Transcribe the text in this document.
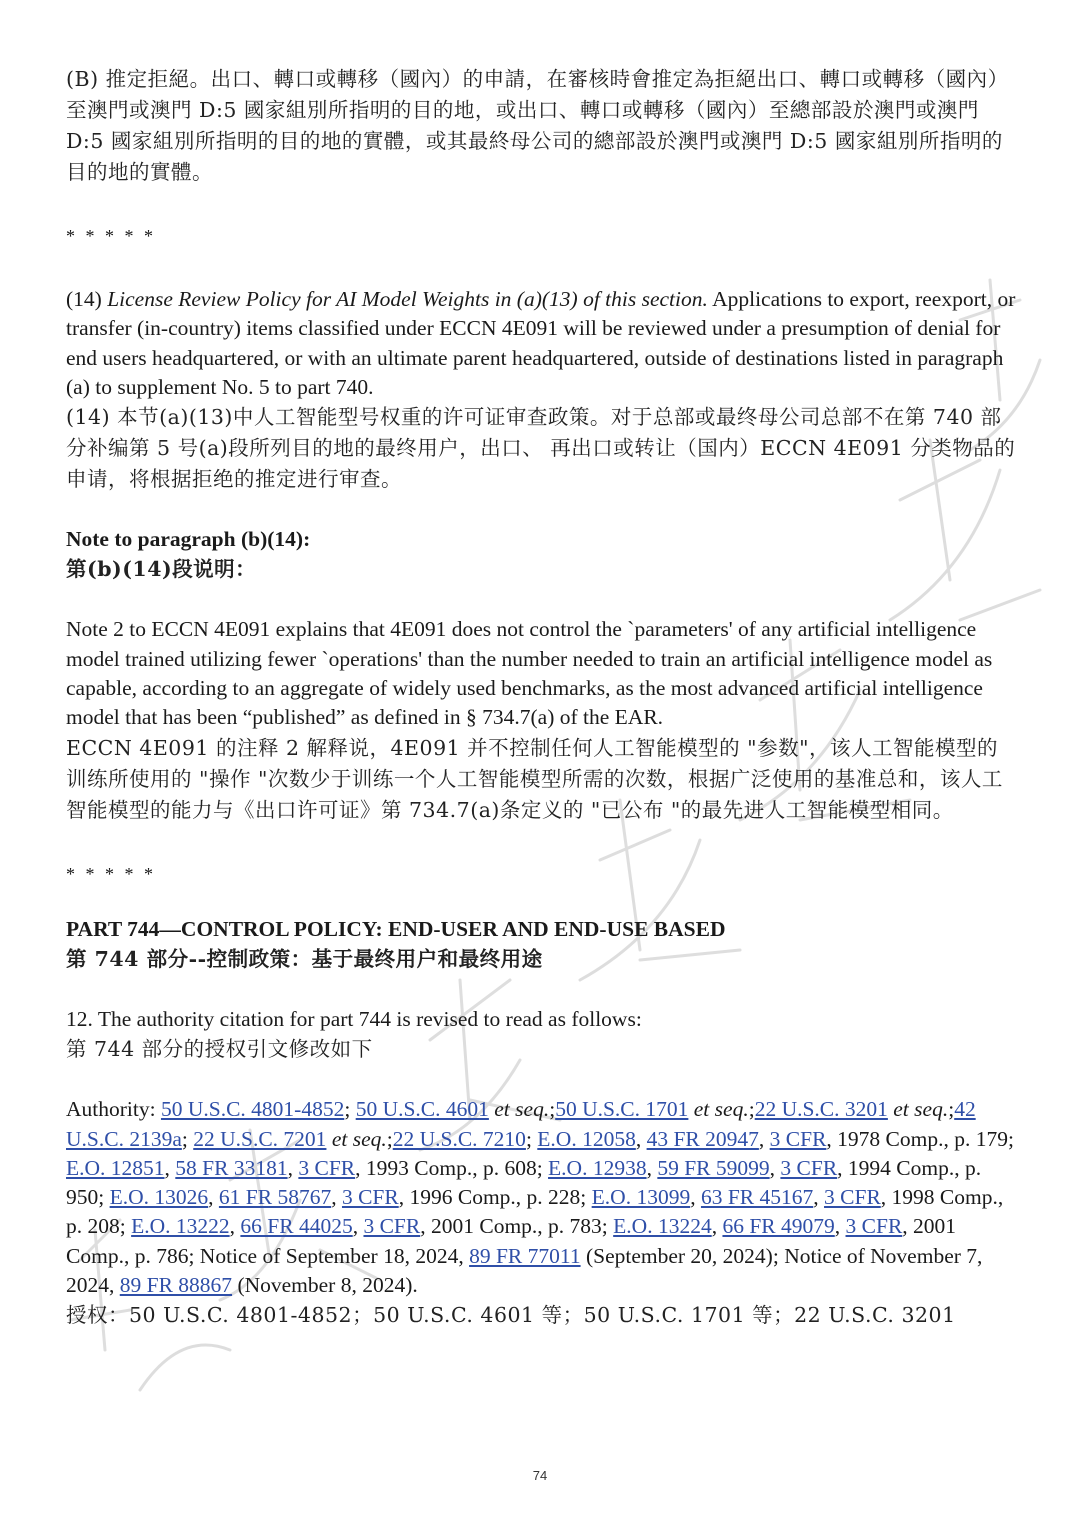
(B) 推定拒絕。出口、轉口或轉移（國內）的申請，在審核時會推定為拒絕出口、轉口或轉移（國內）至澳門或澳門 D:5 國家組別所指明的目的地，或出口、轉口或轉移（國內）至總部設於澳門或澳門 D:5 國家組別所指明的目的地的實體，或其最終母公司的總部設於澳門或澳門 D:5 國家組別所指明的目的地的實體。

* * * * *

(14) License Review Policy for AI Model Weights in (a)(13) of this section. Applications to export, reexport, or transfer (in-country) items classified under ECCN 4E091 will be reviewed under a presumption of denial for end users headquartered, or with an ultimate parent headquartered, outside of destinations listed in paragraph (a) to supplement No. 5 to part 740.

(14) 本节(a)(13)中人工智能型号权重的许可证审查政策。对于总部或最终母公司总部不在第 740 部分补编第 5 号(a)段所列目的地的最终用户，出口、 再出口或转让（国内）ECCN 4E091 分类物品的申请，将根据拒绝的推定进行审查。

Note to paragraph (b)(14):

第(b)(14)段说明：

Note 2 to ECCN 4E091 explains that 4E091 does not control the `parameters' of any artificial intelligence model trained utilizing fewer `operations' than the number needed to train an artificial intelligence model as capable, according to an aggregate of widely used benchmarks, as the most advanced artificial intelligence model that has been “published” as defined in § 734.7(a) of the EAR.

ECCN 4E091 的注释 2 解释说，4E091 并不控制任何人工智能模型的 "参数"，该人工智能模型的训练所使用的 "操作 "次数少于训练一个人工智能模型所需的次数，根据广泛使用的基准总和，该人工智能模型的能力与《出口许可证》第 734.7(a)条定义的 "已公布 "的最先进人工智能模型相同。

* * * * *

PART 744—CONTROL POLICY: END-USER AND END-USE BASED

第 744 部分--控制政策：基于最终用户和最终用途

12. The authority citation for part 744 is revised to read as follows:

第 744 部分的授权引文修改如下

Authority: 50 U.S.C. 4801-4852; 50 U.S.C. 4601 et seq.;50 U.S.C. 1701 et seq.;22 U.S.C. 3201 et seq.;42 U.S.C. 2139a; 22 U.S.C. 7201 et seq.;22 U.S.C. 7210; E.O. 12058, 43 FR 20947, 3 CFR, 1978 Comp., p. 179; E.O. 12851, 58 FR 33181, 3 CFR, 1993 Comp., p. 608; E.O. 12938, 59 FR 59099, 3 CFR, 1994 Comp., p. 950; E.O. 13026, 61 FR 58767, 3 CFR, 1996 Comp., p. 228; E.O. 13099, 63 FR 45167, 3 CFR, 1998 Comp., p. 208; E.O. 13222, 66 FR 44025, 3 CFR, 2001 Comp., p. 783; E.O. 13224, 66 FR 49079, 3 CFR, 2001 Comp., p. 786; Notice of September 18, 2024, 89 FR 77011 (September 20, 2024); Notice of November 7, 2024, 89 FR 88867 (November 8, 2024).

授权：50 U.S.C. 4801-4852；50 U.S.C. 4601 等；50 U.S.C. 1701 等；22 U.S.C. 3201

74
